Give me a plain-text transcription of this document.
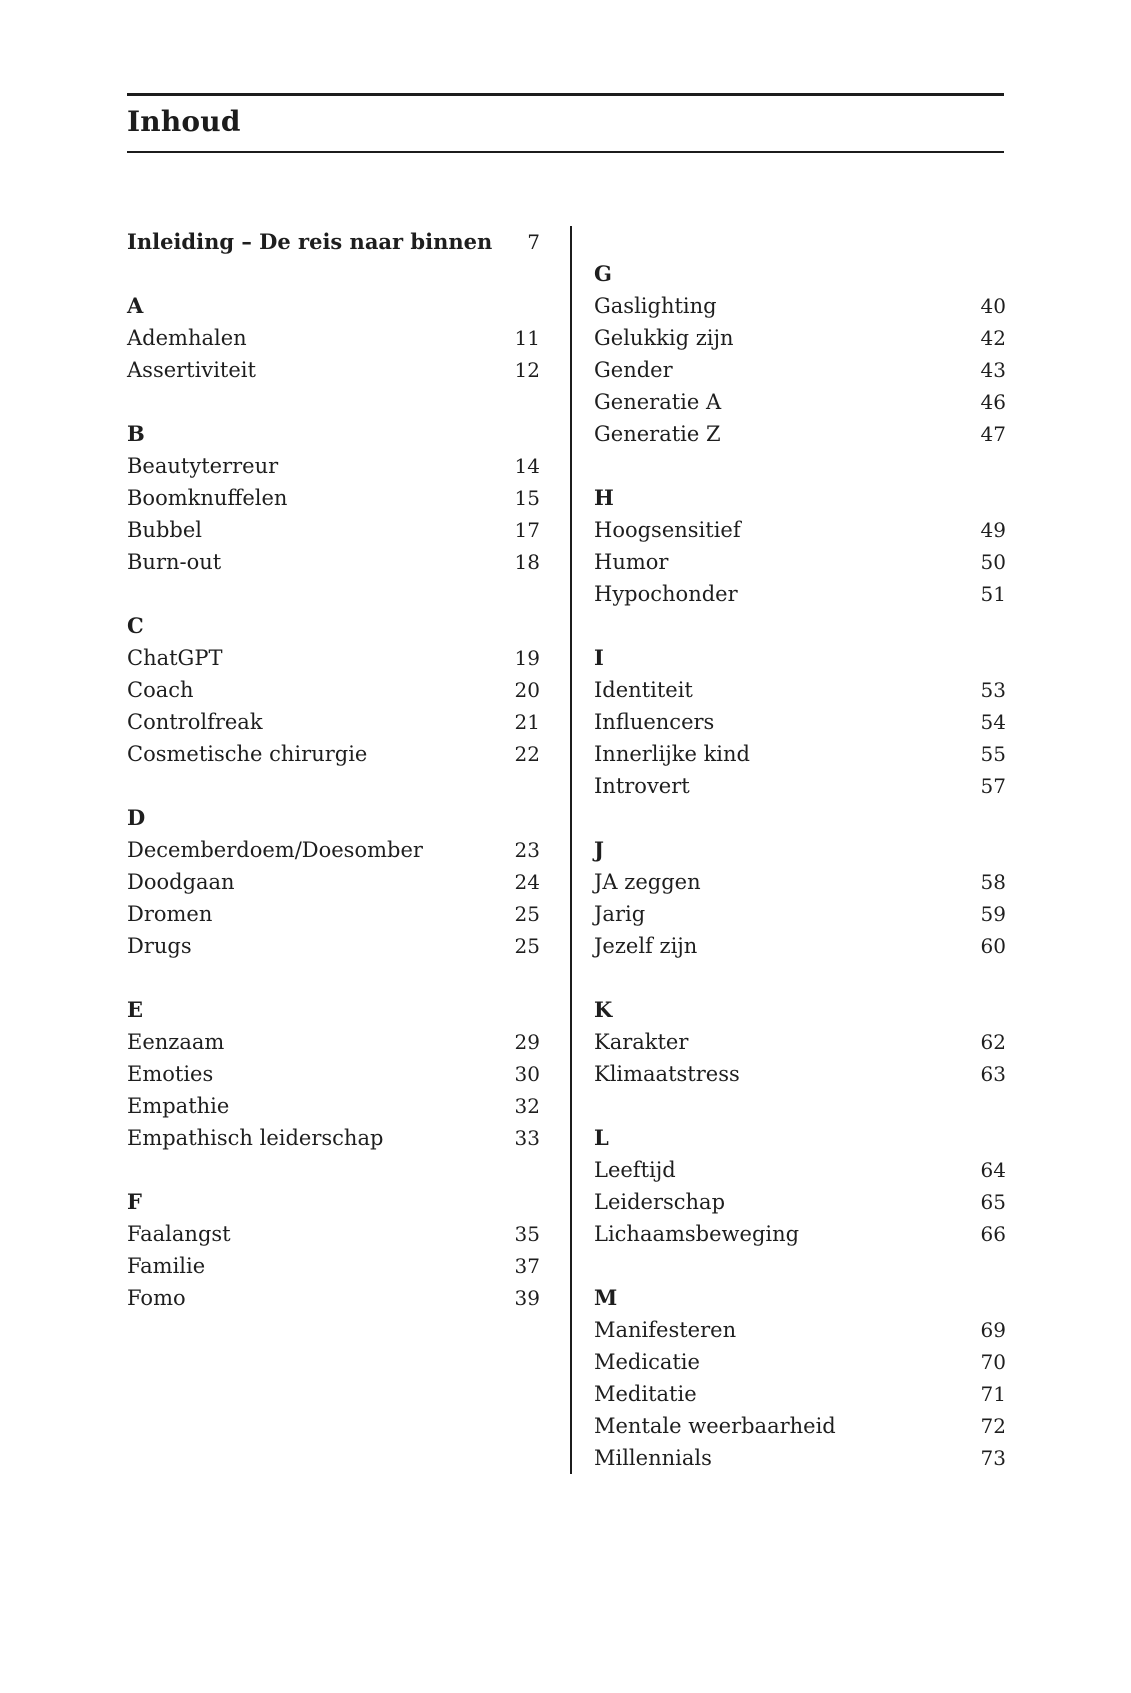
Inhoud
Inleiding – De reis naar binnen 7
A
Ademhalen	11
Assertiviteit	12
B
Beautyterreur	14
Boomknuffelen	15
Bubbel	17
Burn-out	18
C
ChatGPT	19
Coach	20
Controlfreak	21
Cosmetische chirurgie	22
D
Decemberdoem/Doesomber	23
Doodgaan	24
Dromen	25
Drugs	25
E
Eenzaam	29
Emoties	30
Empathie	32
Empathisch leiderschap	33
F
Faalangst	35
Familie	37
Fomo	39
G
Gaslighting	40
Gelukkig zijn	42
Gender	43
Generatie A	46
Generatie Z	47
H
Hoogsensitief	49
Humor	50
Hypochonder	51
I
Identiteit	53
Influencers	54
Innerlijke kind	55
Introvert	57
J
JA zeggen	58
Jarig	59
Jezelf zijn	60
K
Karakter	62
Klimaatstress	63
L
Leeftijd	64
Leiderschap	65
Lichaamsbeweging	66
M
Manifesteren	69
Medicatie	70
Meditatie	71
Mentale weerbaarheid	72
Millennials	73
